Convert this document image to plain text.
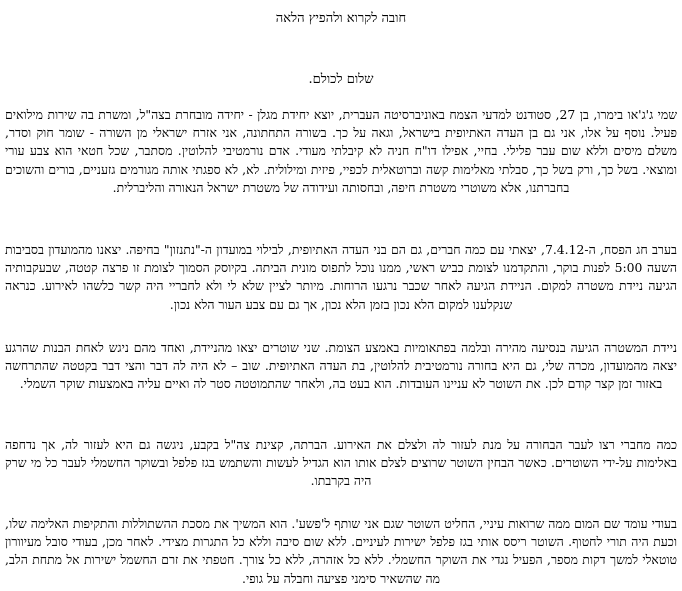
חובה לקרוא ולהפיץ הלאה

שלום לכולם.

שמי ג'ג'או בימרו, בן 27, סטודנט למדעי הצמח באוניברסיטה העברית, יוצא יחידת מגלן - יחידה מובחרת בצה"ל, ומשרת בה שירות מילואים פעיל. נוסף על אלו, אני גם בן העדה האתיופית בישראל, וגאה על כך. בשורה התחתונה, אני אזרח ישראלי מן השורה - שומר חוק וסדר, משלם מיסים וללא שום עבר פלילי. בחיי, אפילו דו"ח חניה לא קיבלתי מעודי. אדם נורמטיבי להלוטין. מסתבר, שכל חטאי הוא צבע עורי ומוצאי. בשל כך, ורק בשל כך, סבלתי מאלימות קשה וברוטאלית לכפיי, פיזית ומילולית. לא, לא ספגתי אותה מגורמים גזעניים, בורים והשוכים בחברתנו, אלא משוטרי משטרת חיפה, ובחסותה ועידודה של משטרת ישראל הנאורה והליברלית.

בערב חג הפסח, ה-7.4.12, יצאתי עם כמה חברים, גם הם בני העדה האתיופית, לבילוי במועדון ה-"נתנזון" בחיפה. יצאנו מהמועדון בסביבות השעה 5:00 לפנות בוקר, והתקדמנו לצומת כביש ראשי, ממנו נוכל לתפוס מונית הביתה. בקיוסק הסמוך לצומת זו פרצה קטטה, שבעקבותיה הגיעה ניידת משטרה למקום. הניידת הגיעה לאחר שכבר נרגעו הרוחות. מיותר לציין שלא לי ולא לחבריי היה קשר כלשהו לאירוע. כנראה שנקלענו למקום הלא נכון בזמן הלא נכון, אך גם עם צבע העור הלא נכון.

ניידת המשטרה הגיעה בנסיעה מהירה ובלמה בפתאומיות באמצע הצומת. שני שוטרים יצאו מהניידת, ואחד מהם ניגש לאחת הבנות שהרגע יצאה מהמועדון, מכרה שלי, גם היא בחורה נורמטיבית להלוטין, בת העדה האתיופית. שוב – לא היה לה דבר והצי דבר בקטטה שהתרחשה באזור זמן קצר קודם לכן. את השוטר לא עניינו העובדות. הוא בעט בה, ולאחר שהתמוטטה סטר לה ואיים עליה באמצעות שוקר השמלי.

כמה מחברי רצו לעבר הבחורה על מנת לעזור לה ולצלם את האירוע. הברתה, קצינת צה"ל בקבע, ניגשה גם היא לעזור לה, אך נדחפה באלימות על-ידי השוטרים. כאשר הבחין השוטר שרוצים לצלם אותו הוא הגדיל לעשות והשתמש בגז פלפל ובשוקר החשמלי לעבר כל מי שרק היה בקרבתו.

בעודי עומד שם המום ממה שרואות עיניי, החליט השוטר שגם אני שותף ל'פשע'. הוא המשיך את מסכת ההשתוללות והתקיפות האלימה שלו, וכעת היה תורי לחטוף. השוטר ריסס אותי בגז פלפל ישירות לעיניים. ללא שום סיבה וללא כל התגרות מצידי. לאחר מכן, בעודי סובל מעיוורון טוטאלי למשך דקות מספר, הפעיל נגדי את השוקר החשמלי. ללא כל אזהרה, ללא כל צורך. חטפתי את זרם החשמל ישירות אל מתחת הלב, מה שהשאיר סימני פציעה וחבלה על גופי.
